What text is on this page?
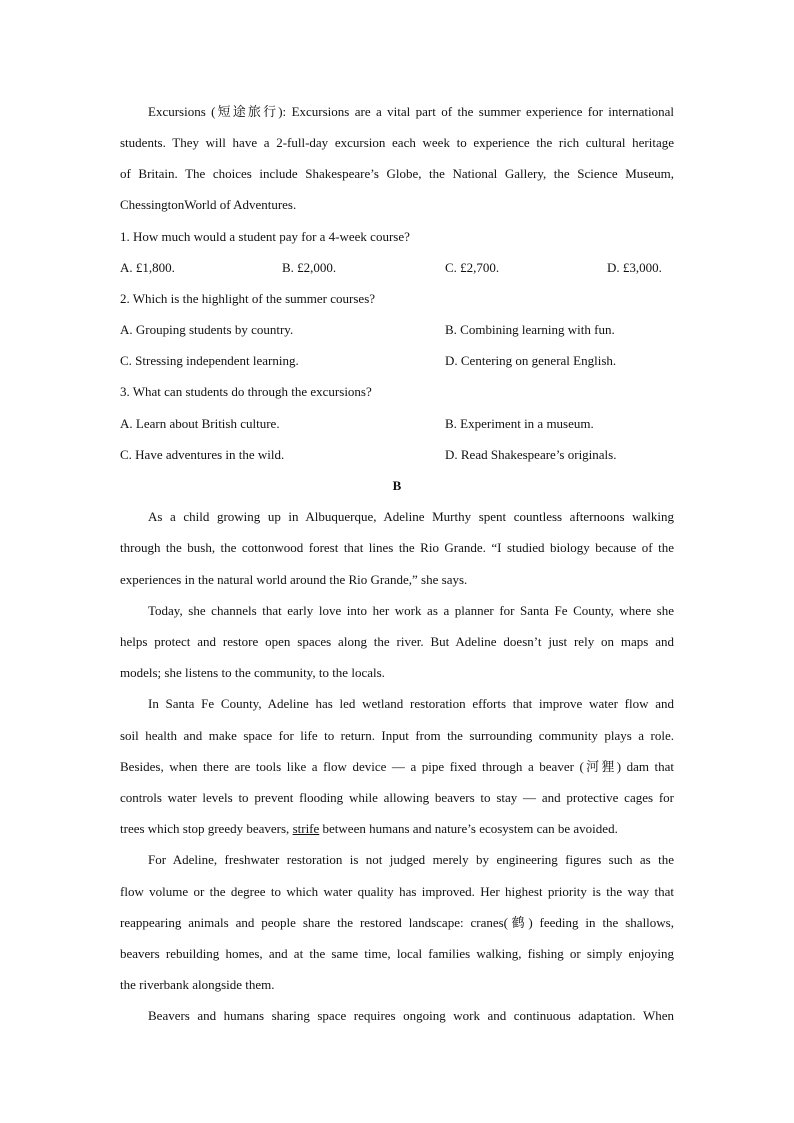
Excursions (短途旅行): Excursions are a vital part of the summer experience for international
students. They will have a 2-full-day excursion each week to experience the rich cultural heritage
of Britain. The choices include Shakespeare’s Globe, the National Gallery, the Science Museum,
ChessingtonWorld of Adventures.
1. How much would a student pay for a 4-week course?
A. £1,800.	B. £2,000.	C. £2,700.	D. £3,000.
2. Which is the highlight of the summer courses?
A. Grouping students by country.	B. Combining learning with fun.
C. Stressing independent learning.	D. Centering on general English.
3. What can students do through the excursions?
A. Learn about British culture.	B. Experiment in a museum.
C. Have adventures in the wild.	D. Read Shakespeare’s originals.
B
As a child growing up in Albuquerque, Adeline Murthy spent countless afternoons walking
through the bush, the cottonwood forest that lines the Rio Grande. “I studied biology because of the
experiences in the natural world around the Rio Grande,” she says.
Today, she channels that early love into her work as a planner for Santa Fe County, where she
helps protect and restore open spaces along the river. But Adeline doesn’t just rely on maps and
models; she listens to the community, to the locals.
In Santa Fe County, Adeline has led wetland restoration efforts that improve water flow and
soil health and make space for life to return. Input from the surrounding community plays a role.
Besides, when there are tools like a flow device — a pipe fixed through a beaver (河狸) dam that
controls water levels to prevent flooding while allowing beavers to stay — and protective cages for
trees which stop greedy beavers, strife between humans and nature’s ecosystem can be avoided.
For Adeline, freshwater restoration is not judged merely by engineering figures such as the
flow volume or the degree to which water quality has improved. Her highest priority is the way that
reappearing animals and people share the restored landscape: cranes(鹤) feeding in the shallows,
beavers rebuilding homes, and at the same time, local families walking, fishing or simply enjoying
the riverbank alongside them.
Beavers and humans sharing space requires ongoing work and continuous adaptation. When
